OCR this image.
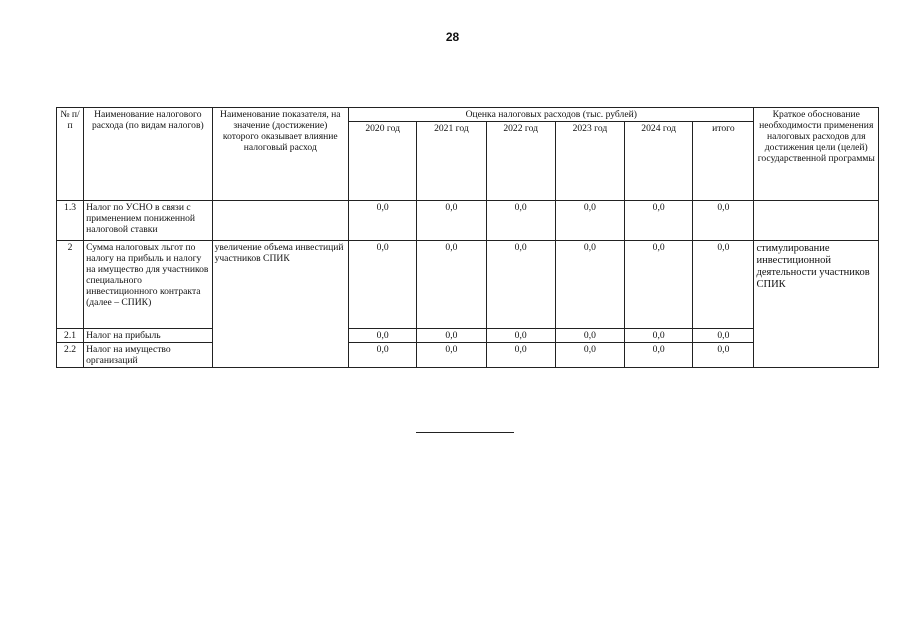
28
№ п/п	Наименование налогового расхода (по видам налогов)	Наименование показателя, на значение (достижение) которого оказывает влияние налоговый расход	Оценка налоговых расходов (тыс. рублей)						Краткое обоснование необходимости применения налоговых расходов для достижения цели (целей) государственной программы
			2020 год	2021 год	2022 год	2023 год	2024 год	итого	
1.3	Налог по УСНО в связи с применением пониженной налоговой ставки		0,0	0,0	0,0	0,0	0,0	0,0	
2	Сумма налоговых льгот по налогу на прибыль и налогу на имущество для участников специального инвестиционного контракта (далее – СПИК)	увеличение объема инвестиций участников СПИК	0,0	0,0	0,0	0,0	0,0	0,0	стимулирование инвестиционной деятельности участников СПИК
2.1	Налог на прибыль		0,0	0,0	0,0	0,0	0,0	0,0	
2.2	Налог на имущество организаций		0,0	0,0	0,0	0,0	0,0	0,0	
